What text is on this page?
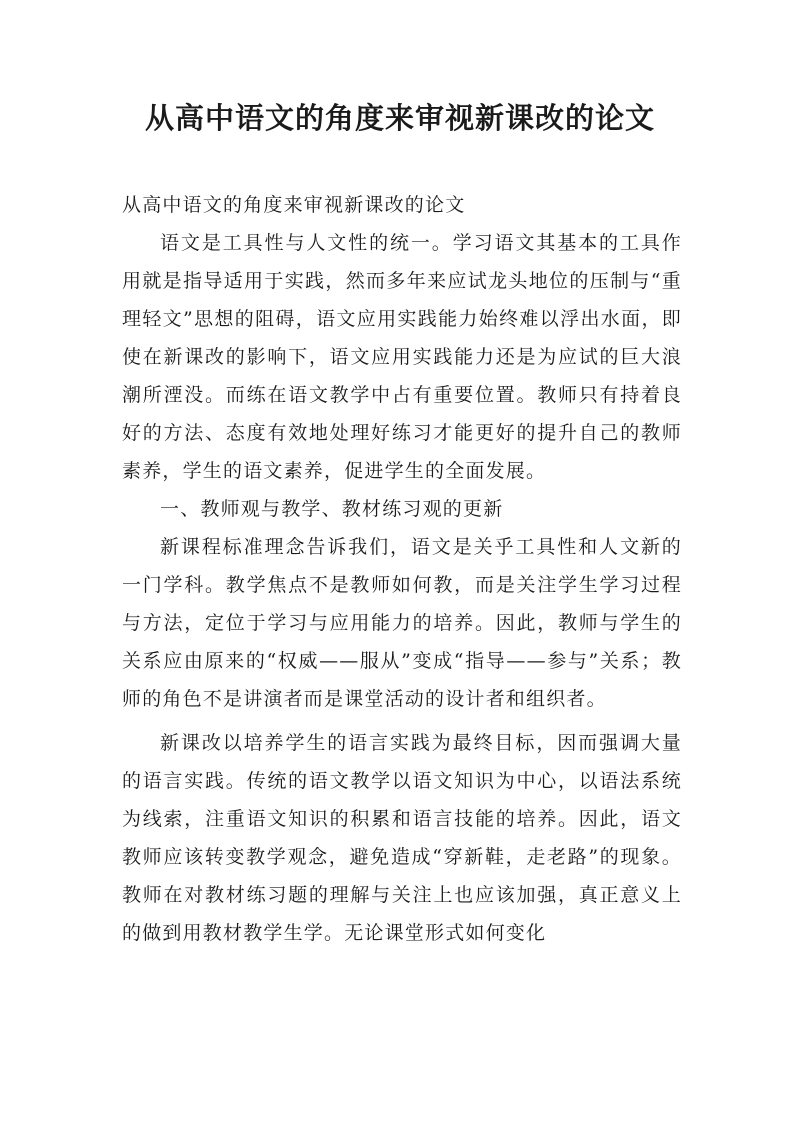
从高中语文的角度来审视新课改的论文

从高中语文的角度来审视新课改的论文

语文是工具性与人文性的统一。学习语文其基本的工具作用就是指导适用于实践，然而多年来应试龙头地位的压制与“重理轻文”思想的阻碍，语文应用实践能力始终难以浮出水面，即使在新课改的影响下，语文应用实践能力还是为应试的巨大浪潮所湮没。而练在语文教学中占有重要位置。教师只有持着良好的方法、态度有效地处理好练习才能更好的提升自己的教师素养，学生的语文素养，促进学生的全面发展。

一、教师观与教学、教材练习观的更新

新课程标准理念告诉我们，语文是关乎工具性和人文新的一门学科。教学焦点不是教师如何教，而是关注学生学习过程与方法，定位于学习与应用能力的培养。因此，教师与学生的关系应由原来的“权威——服从”变成“指导——参与”关系；教师的角色不是讲演者而是课堂活动的设计者和组织者。

新课改以培养学生的语言实践为最终目标，因而强调大量的语言实践。传统的语文教学以语文知识为中心，以语法系统为线索，注重语文知识的积累和语言技能的培养。因此，语文教师应该转变教学观念，避免造成“穿新鞋，走老路”的现象。教师在对教材练习题的理解与关注上也应该加强，真正意义上的做到用教材教学生学。无论课堂形式如何变化
